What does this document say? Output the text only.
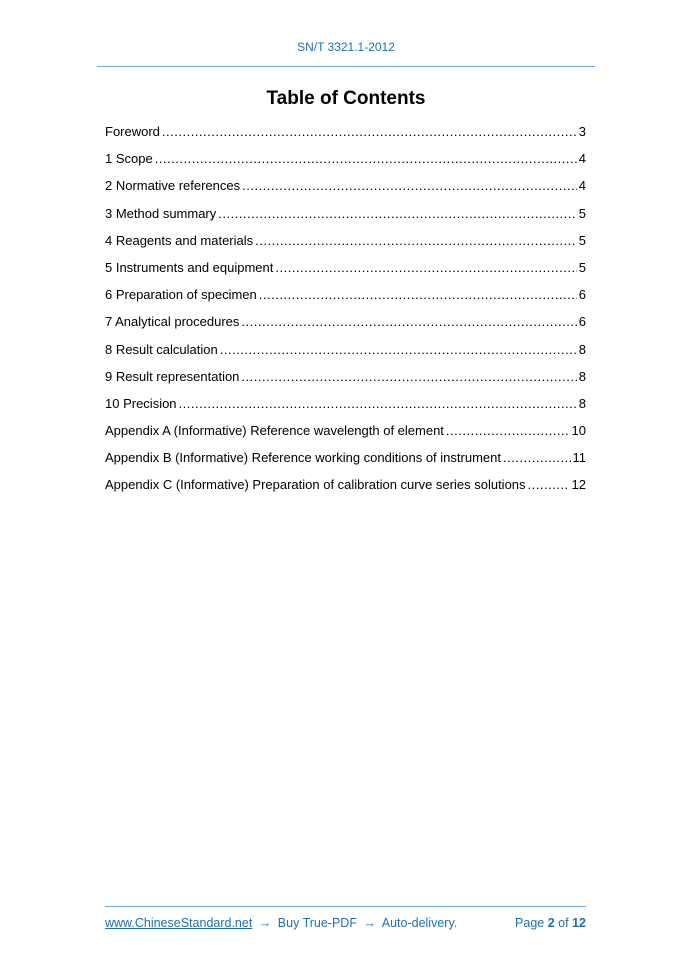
SN/T 3321.1-2012
Table of Contents
Foreword .....	3
1 Scope .....	4
2 Normative references .....	4
3 Method summary .....	5
4 Reagents and materials .....	5
5 Instruments and equipment .....	5
6 Preparation of specimen .....	6
7 Analytical procedures .....	6
8 Result calculation .....	8
9 Result representation .....	8
10 Precision .....	8
Appendix A (Informative) Reference wavelength of element .....	10
Appendix B (Informative) Reference working conditions of instrument .....	11
Appendix C (Informative) Preparation of calibration curve series solutions .....	12
www.ChineseStandard.net → Buy True-PDF → Auto-delivery.	Page 2 of 12
